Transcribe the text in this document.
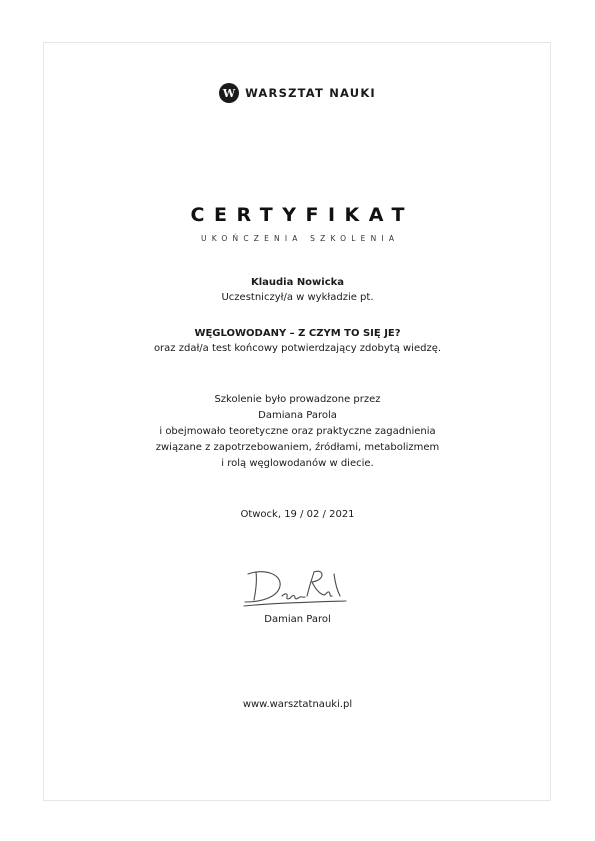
W WARSZTAT NAUKI
CERTYFIKAT
UKOŃCZENIA SZKOLENIA
Klaudia Nowicka
Uczestniczył/a w wykładzie pt.
WĘGLOWODANY – Z CZYM TO SIĘ JE?
oraz zdał/a test końcowy potwierdzający zdobytą wiedzę.
Szkolenie było prowadzone przez
Damiana Parola
i obejmowało teoretyczne oraz praktyczne zagadnienia
związane z zapotrzebowaniem, źródłami, metabolizmem
i rolą węglowodanów w diecie.
Otwock, 19 / 02 / 2021
Damian Parol
www.warsztatnauki.pl
